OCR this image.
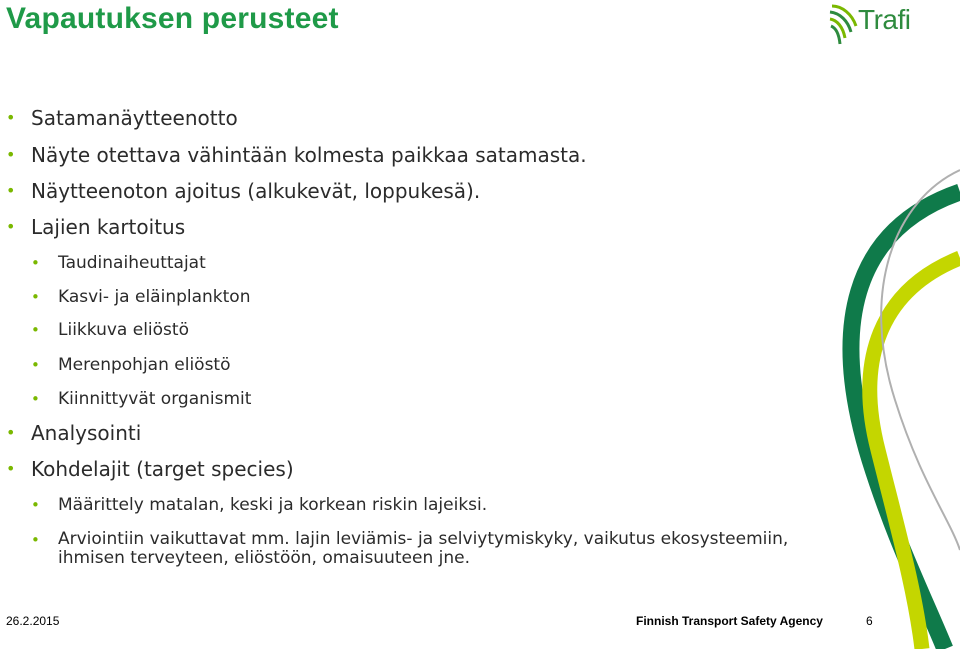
Vapautuksen perusteet	Trafi
• Satamanäytteenotto
• Näyte otettava vähintään kolmesta paikkaa satamasta.
• Näytteenoton ajoitus (alkukevät, loppukesä).
• Lajien kartoitus
• Taudinaiheuttajat
• Kasvi- ja eläinplankton
• Liikkuva eliöstö
• Merenpohjan eliöstö
• Kiinnittyvät organismit
• Analysointi
• Kohdelajit (target species)
• Määrittely matalan, keski ja korkean riskin lajeiksi.
• Arviointiin vaikuttavat mm. lajin leviämis- ja selviytymiskyky, vaikutus ekosysteemiin, ihmisen terveyteen, eliöstöön, omaisuuteen jne.
26.2.2015	Finnish Transport Safety Agency	6
